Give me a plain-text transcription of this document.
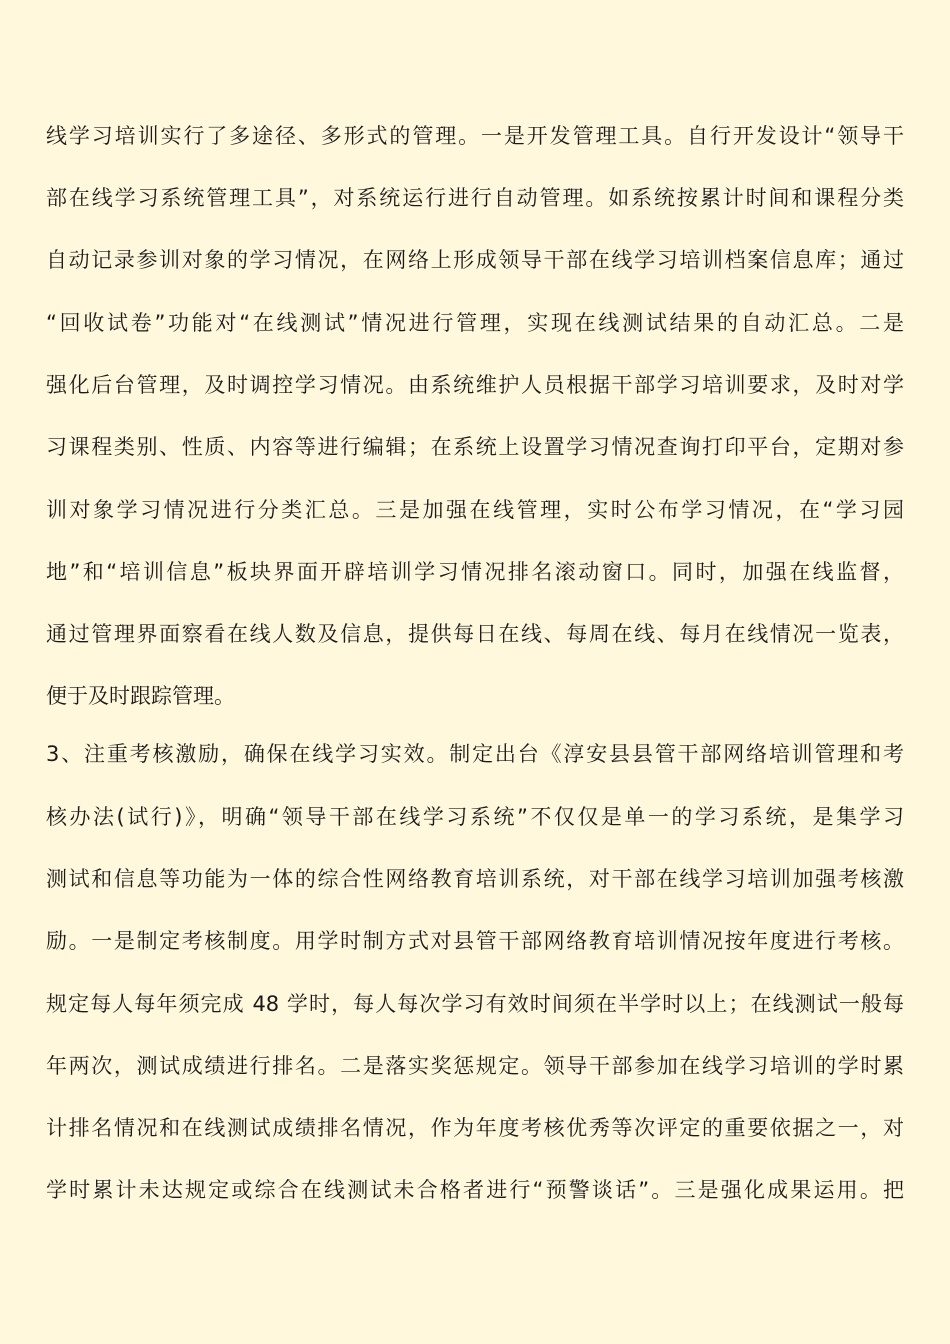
线学习培训实行了多途径、多形式的管理。一是开发管理工具。自行开发设计“领导干
部在线学习系统管理工具”，对系统运行进行自动管理。如系统按累计时间和课程分类
自动记录参训对象的学习情况，在网络上形成领导干部在线学习培训档案信息库；通过
“回收试卷”功能对“在线测试”情况进行管理，实现在线测试结果的自动汇总。二是
强化后台管理，及时调控学习情况。由系统维护人员根据干部学习培训要求，及时对学
习课程类别、性质、内容等进行编辑；在系统上设置学习情况查询打印平台，定期对参
训对象学习情况进行分类汇总。三是加强在线管理，实时公布学习情况，在“学习园
地”和“培训信息”板块界面开辟培训学习情况排名滚动窗口。同时，加强在线监督，
通过管理界面察看在线人数及信息，提供每日在线、每周在线、每月在线情况一览表，
便于及时跟踪管理。
3、注重考核激励，确保在线学习实效。制定出台《淳安县县管干部网络培训管理和考
核办法(试行)》，明确“领导干部在线学习系统”不仅仅是单一的学习系统，是集学习
测试和信息等功能为一体的综合性网络教育培训系统，对干部在线学习培训加强考核激
励。一是制定考核制度。用学时制方式对县管干部网络教育培训情况按年度进行考核。
规定每人每年须完成 48 学时，每人每次学习有效时间须在半学时以上；在线测试一般每
年两次，测试成绩进行排名。二是落实奖惩规定。领导干部参加在线学习培训的学时累
计排名情况和在线测试成绩排名情况，作为年度考核优秀等次评定的重要依据之一，对
学时累计未达规定或综合在线测试未合格者进行“预警谈话”。三是强化成果运用。把
